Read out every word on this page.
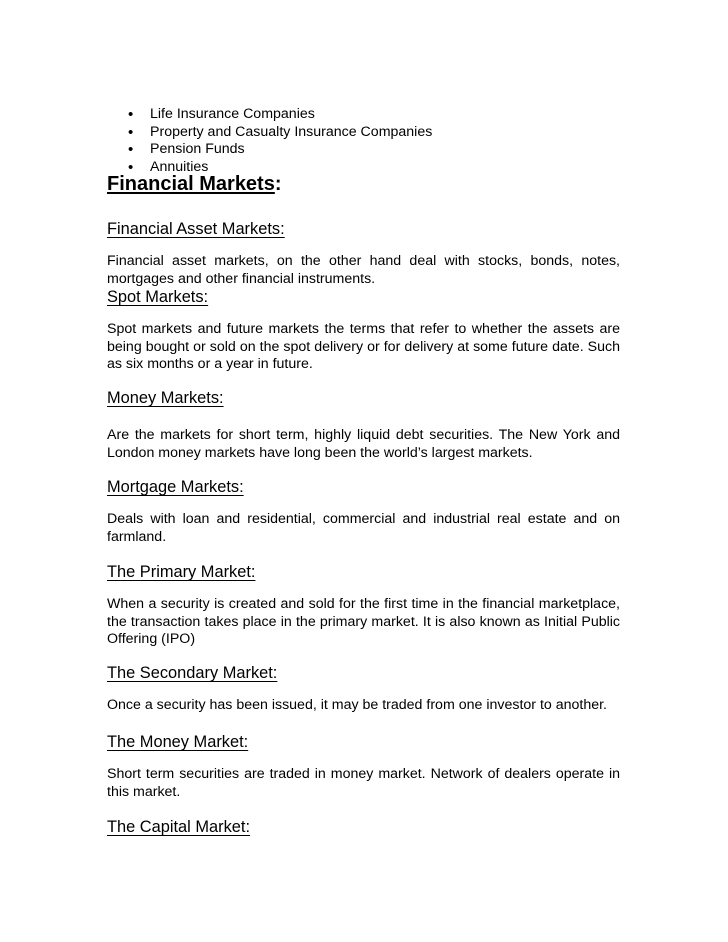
• Life Insurance Companies
• Property and Casualty Insurance Companies
• Pension Funds
• Annuities
Financial Markets:
Financial Asset Markets:
Financial asset markets, on the other hand deal with stocks, bonds, notes, mortgages and other financial instruments.
Spot Markets:
Spot markets and future markets the terms that refer to whether the assets are being bought or sold on the spot delivery or for delivery at some future date. Such as six months or a year in future.
Money Markets:
Are the markets for short term, highly liquid debt securities. The New York and London money markets have long been the world’s largest markets.
Mortgage Markets:
Deals with loan and residential, commercial and industrial real estate and on farmland.
The Primary Market:
When a security is created and sold for the first time in the financial marketplace, the transaction takes place in the primary market. It is also known as Initial Public Offering (IPO)
The Secondary Market:
Once a security has been issued, it may be traded from one investor to another.
The Money Market:
Short term securities are traded in money market. Network of dealers operate in this market.
The Capital Market:
